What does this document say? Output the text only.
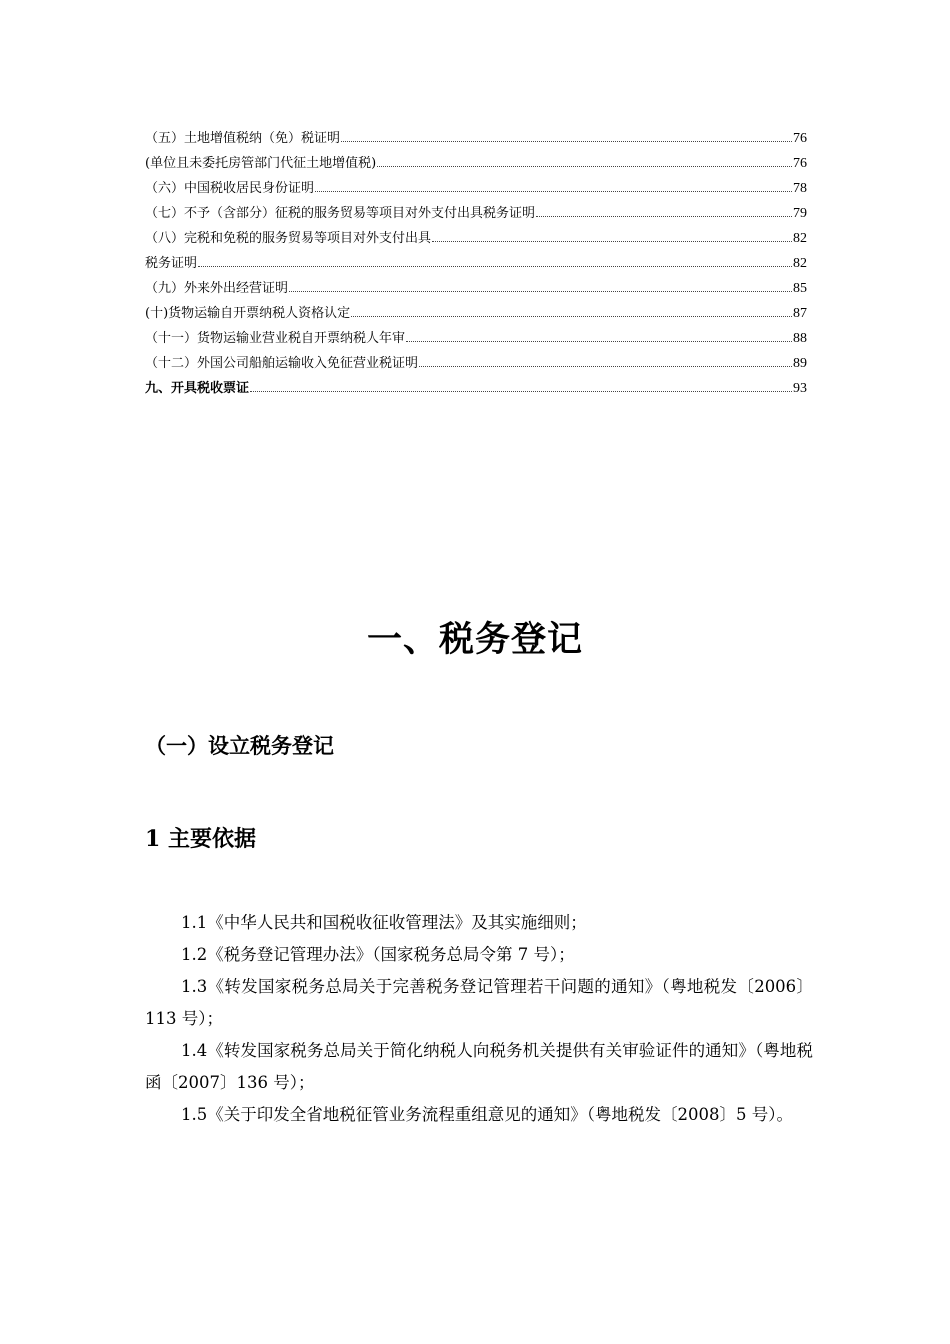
（五）土地增值税纳（免）税证明	76
(单位且未委托房管部门代征土地增值税)	76
（六）中国税收居民身份证明	78
（七）不予（含部分）征税的服务贸易等项目对外支付出具税务证明	79
（八）完税和免税的服务贸易等项目对外支付出具	82
税务证明	82
（九）外来外出经营证明	85
(十)货物运输自开票纳税人资格认定	87
（十一）货物运输业营业税自开票纳税人年审	88
（十二）外国公司船舶运输收入免征营业税证明	89
九、开具税收票证	93
一、税务登记
（一）设立税务登记
1 主要依据

1.1《中华人民共和国税收征收管理法》及其实施细则；

1.2《税务登记管理办法》（国家税务总局令第 7 号）；

1.3《转发国家税务总局关于完善税务登记管理若干问题的通知》（粤地税发〔2006〕113 号）；

1.4《转发国家税务总局关于简化纳税人向税务机关提供有关审验证件的通知》（粤地税函〔2007〕136 号）；

1.5《关于印发全省地税征管业务流程重组意见的通知》（粤地税发〔2008〕5 号）。
